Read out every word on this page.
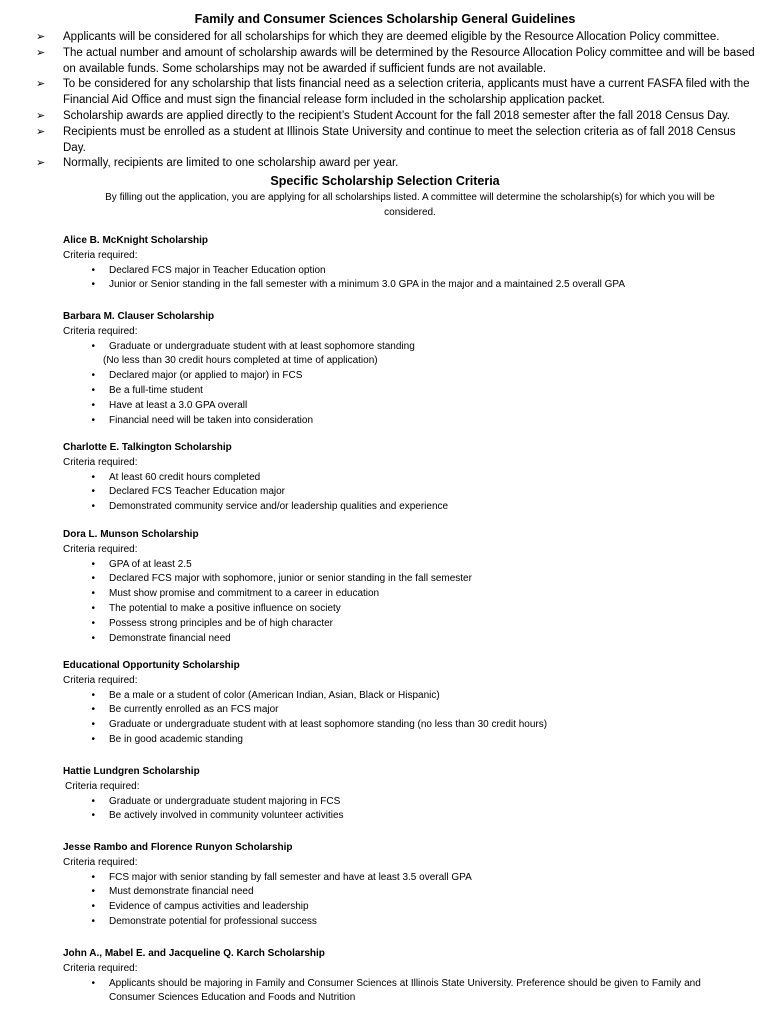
Family and Consumer Sciences Scholarship General Guidelines
➢	Applicants will be considered for all scholarships for which they are deemed eligible by the Resource Allocation Policy committee.
➢	The actual number and amount of scholarship awards will be determined by the Resource Allocation Policy committee and will be based on available funds. Some scholarships may not be awarded if sufficient funds are not available.
➢	To be considered for any scholarship that lists financial need as a selection criteria, applicants must have a current FASFA filed with the Financial Aid Office and must sign the financial release form included in the scholarship application packet.
➢	Scholarship awards are applied directly to the recipient’s Student Account for the fall 2018 semester after the fall 2018 Census Day.
➢	Recipients must be enrolled as a student at Illinois State University and continue to meet the selection criteria as of fall 2018 Census Day.
➢	Normally, recipients are limited to one scholarship award per year.
Specific Scholarship Selection Criteria
By filling out the application, you are applying for all scholarships listed. A committee will determine the scholarship(s) for which you will be considered.
Alice B. McKnight Scholarship
Criteria required:
•	Declared FCS major in Teacher Education option
•	Junior or Senior standing in the fall semester with a minimum 3.0 GPA in the major and a maintained 2.5 overall GPA
Barbara M. Clauser Scholarship
Criteria required:
•	Graduate or undergraduate student with at least sophomore standing
(No less than 30 credit hours completed at time of application)
•	Declared major (or applied to major) in FCS
•	Be a full-time student
•	Have at least a 3.0 GPA overall
•	Financial need will be taken into consideration
Charlotte E. Talkington Scholarship
Criteria required:
•	At least 60 credit hours completed
•	Declared FCS Teacher Education major
•	Demonstrated community service and/or leadership qualities and experience
Dora L. Munson Scholarship
Criteria required:
•	GPA of at least 2.5
•	Declared FCS major with sophomore, junior or senior standing in the fall semester
•	Must show promise and commitment to a career in education
•	The potential to make a positive influence on society
•	Possess strong principles and be of high character
•	Demonstrate financial need
Educational Opportunity Scholarship
Criteria required:
•	Be a male or a student of color (American Indian, Asian, Black or Hispanic)
•	Be currently enrolled as an FCS major
•	Graduate or undergraduate student with at least sophomore standing (no less than 30 credit hours)
•	Be in good academic standing
Hattie Lundgren Scholarship
Criteria required:
•	Graduate or undergraduate student majoring in FCS
•	Be actively involved in community volunteer activities
Jesse Rambo and Florence Runyon Scholarship
Criteria required:
•	FCS major with senior standing by fall semester and have at least 3.5 overall GPA
•	Must demonstrate financial need
•	Evidence of campus activities and leadership
•	Demonstrate potential for professional success
John A., Mabel E. and Jacqueline Q. Karch Scholarship
Criteria required:
•	Applicants should be majoring in Family and Consumer Sciences at Illinois State University. Preference should be given to Family and Consumer Sciences Education and Foods and Nutrition
